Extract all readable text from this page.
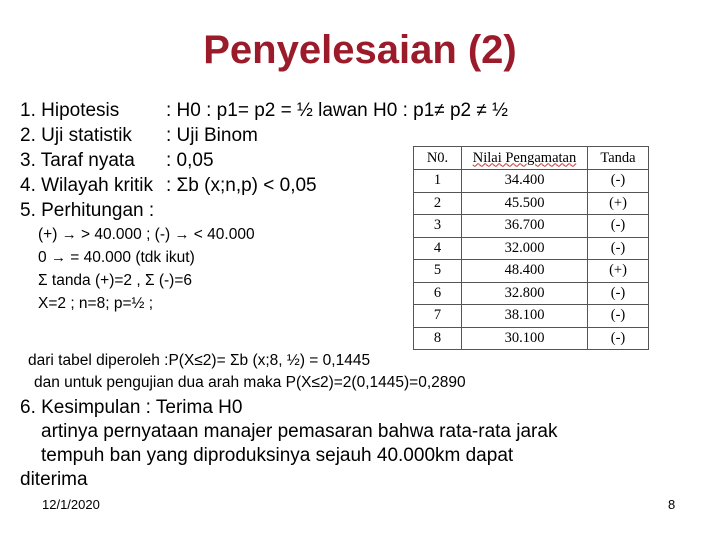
Penyelesaian (2)
1. Hipotesis : H0 : p1= p2 = ½ lawan H0 : p1≠ p2 ≠ ½
2. Uji statistik : Uji Binom
3. Taraf nyata : 0,05
4. Wilayah kritik : Σb (x;n,p) < 0,05
5. Perhitungan :
(+) → > 40.000 ; (-) → < 40.000
0 → = 40.000 (tdk ikut)
Σ tanda (+)=2 , Σ (-)=6
X=2 ; n=8; p=½ ;
N0.	Nilai Pengamatan	Tanda
1	34.400	(-)
2	45.500	(+)
3	36.700	(-)
4	32.000	(-)
5	48.400	(+)
6	32.800	(-)
7	38.100	(-)
8	30.100	(-)
dari tabel diperoleh :P(X≤2)= Σb (x;8, ½) = 0,1445
dan untuk pengujian dua arah maka P(X≤2)=2(0,1445)=0,2890
6. Kesimpulan : Terima H0
artinya pernyataan manajer pemasaran bahwa rata-rata jarak
tempuh ban yang diproduksinya sejauh 40.000km dapat
diterima
12/1/2020	8
